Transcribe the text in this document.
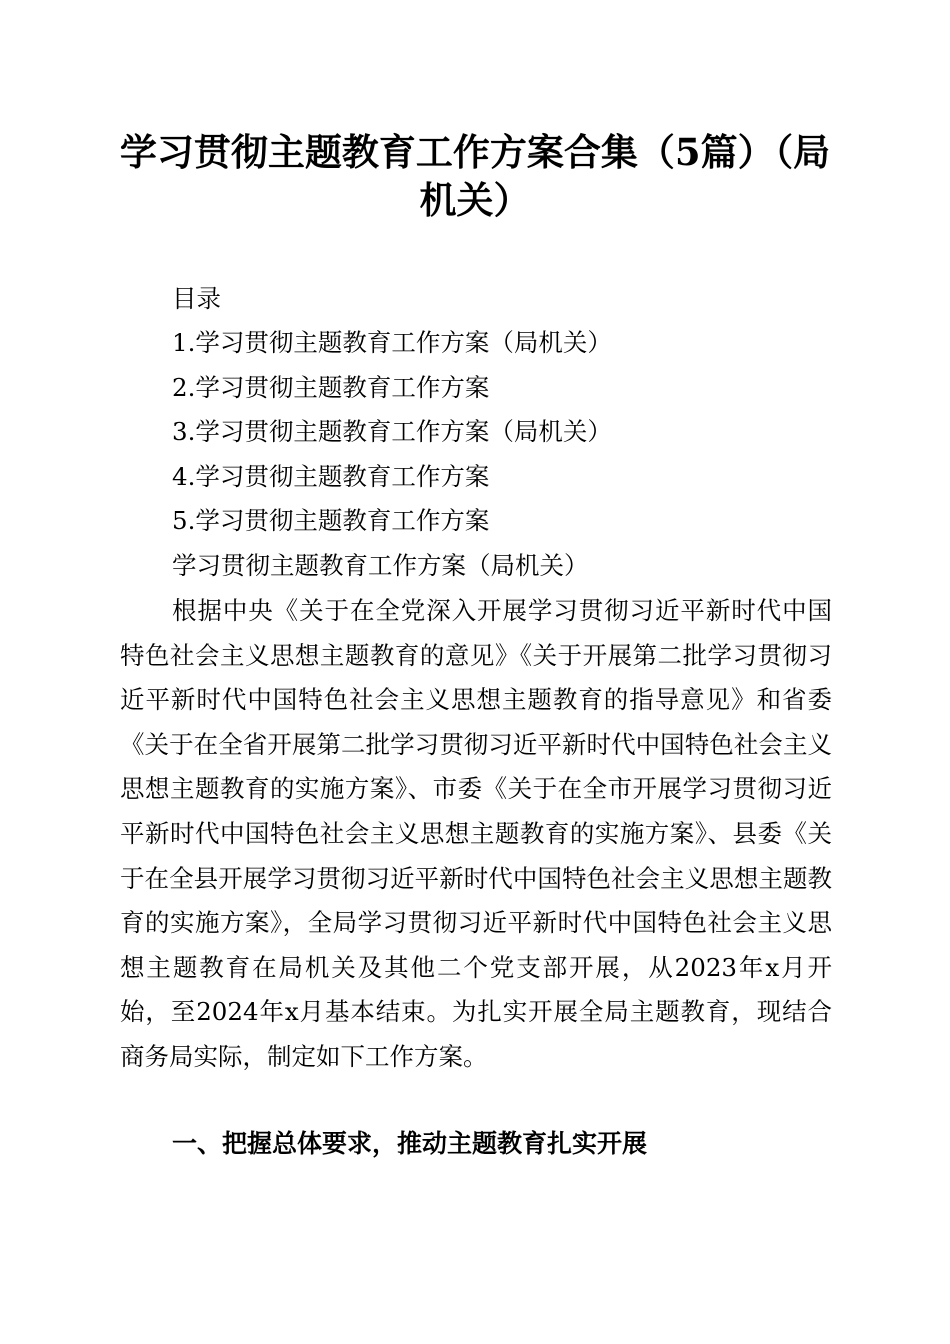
学习贯彻主题教育工作方案合集（5篇）（局
机关）
目录
1.学习贯彻主题教育工作方案（局机关）
2.学习贯彻主题教育工作方案
3.学习贯彻主题教育工作方案（局机关）
4.学习贯彻主题教育工作方案
5.学习贯彻主题教育工作方案
学习贯彻主题教育工作方案（局机关）

根据中央《关于在全党深入开展学习贯彻习近平新时代中国特色社会主义思想主题教育的意见》《关于开展第二批学习贯彻习近平新时代中国特色社会主义思想主题教育的指导意见》和省委《关于在全省开展第二批学习贯彻习近平新时代中国特色社会主义思想主题教育的实施方案》、市委《关于在全市开展学习贯彻习近平新时代中国特色社会主义思想主题教育的实施方案》、县委《关于在全县开展学习贯彻习近平新时代中国特色社会主义思想主题教育的实施方案》，全局学习贯彻习近平新时代中国特色社会主义思想主题教育在局机关及其他二个党支部开展，从2023年x月开始，至2024年x月基本结束。为扎实开展全局主题教育，现结合商务局实际，制定如下工作方案。

一、把握总体要求，推动主题教育扎实开展
